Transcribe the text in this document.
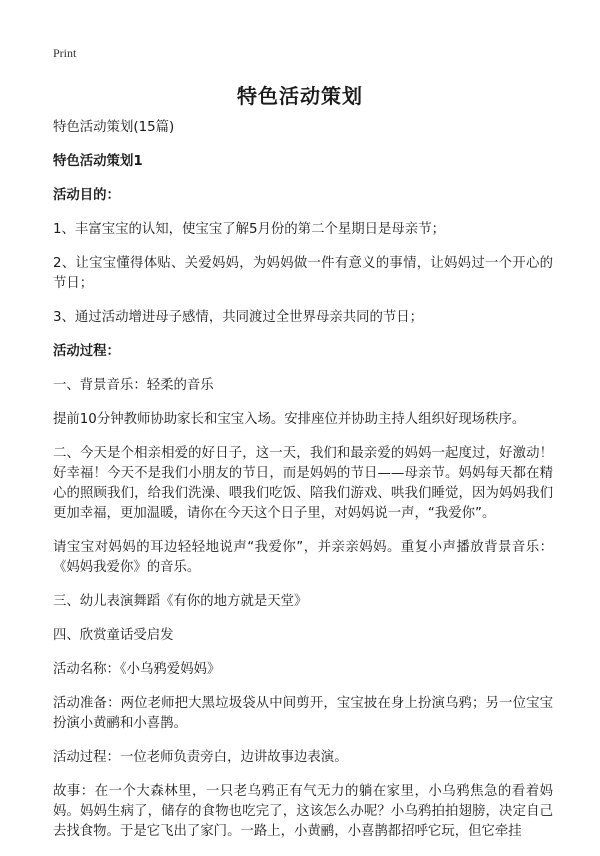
Print
特色活动策划

特色活动策划(15篇)

特色活动策划1

活动目的：

1、丰富宝宝的认知，使宝宝了解5月份的第二个星期日是母亲节；

2、让宝宝懂得体贴、关爱妈妈，为妈妈做一件有意义的事情，让妈妈过一个开心的节日；

3、通过活动增进母子感情，共同渡过全世界母亲共同的节日；

活动过程：

一、背景音乐：轻柔的音乐

提前10分钟教师协助家长和宝宝入场。安排座位并协助主持人组织好现场秩序。

二、今天是个相亲相爱的好日子，这一天，我们和最亲爱的妈妈一起度过，好激动！好幸福！今天不是我们小朋友的节日，而是妈妈的节日——母亲节。妈妈每天都在精心的照顾我们，给我们洗澡、喂我们吃饭、陪我们游戏、哄我们睡觉，因为妈妈我们更加幸福，更加温暖，请你在今天这个日子里，对妈妈说一声，“我爱你”。

请宝宝对妈妈的耳边轻轻地说声“我爱你”，并亲亲妈妈。重复小声播放背景音乐：《妈妈我爱你》的音乐。

三、幼儿表演舞蹈《有你的地方就是天堂》

四、欣赏童话受启发

活动名称：《小乌鸦爱妈妈》

活动准备：两位老师把大黑垃圾袋从中间剪开，宝宝披在身上扮演乌鸦；另一位宝宝扮演小黄鹂和小喜鹊。

活动过程：一位老师负责旁白，边讲故事边表演。

故事：在一个大森林里，一只老乌鸦正有气无力的躺在家里，小乌鸦焦急的看着妈妈。妈妈生病了，储存的食物也吃完了，这该怎么办呢？小乌鸦拍拍翅膀，决定自己去找食物。于是它飞出了家门。一路上，小黄鹂，小喜鹊都招呼它玩，但它牵挂
